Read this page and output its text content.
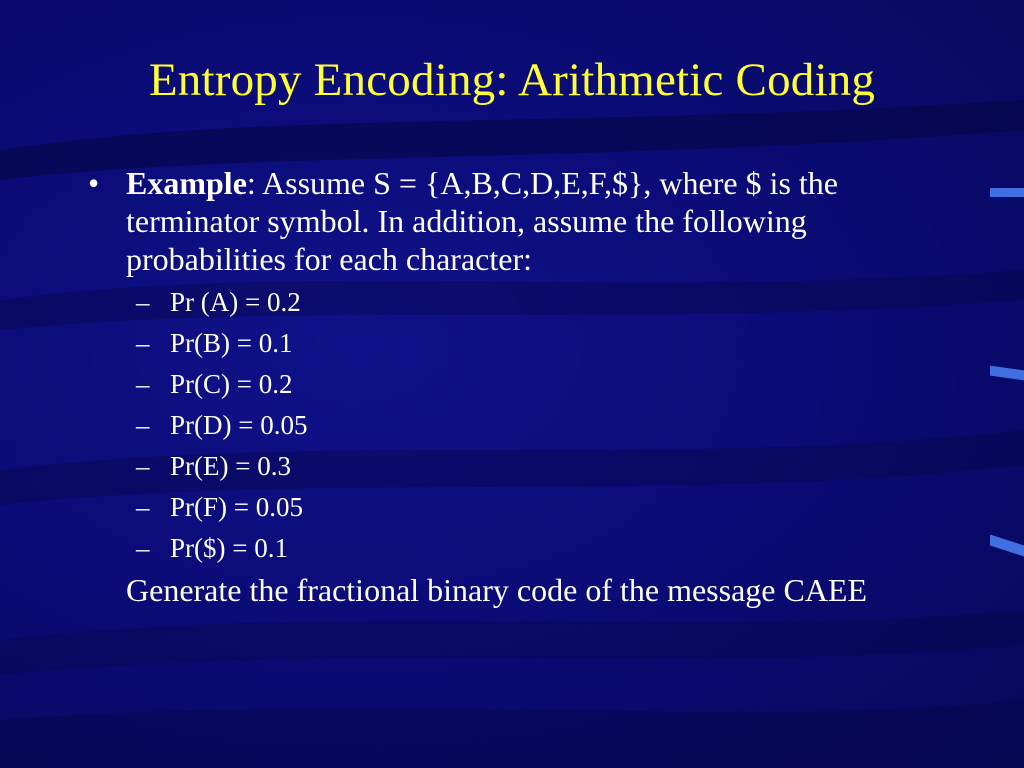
Entropy Encoding: Arithmetic Coding
• Example: Assume S = {A,B,C,D,E,F,$}, where $ is the terminator symbol. In addition, assume the following probabilities for each character:
– Pr (A) = 0.2
– Pr(B) = 0.1
– Pr(C) = 0.2
– Pr(D) = 0.05
– Pr(E) = 0.3
– Pr(F) = 0.05
– Pr($) = 0.1
Generate the fractional binary code of the message CAEE
